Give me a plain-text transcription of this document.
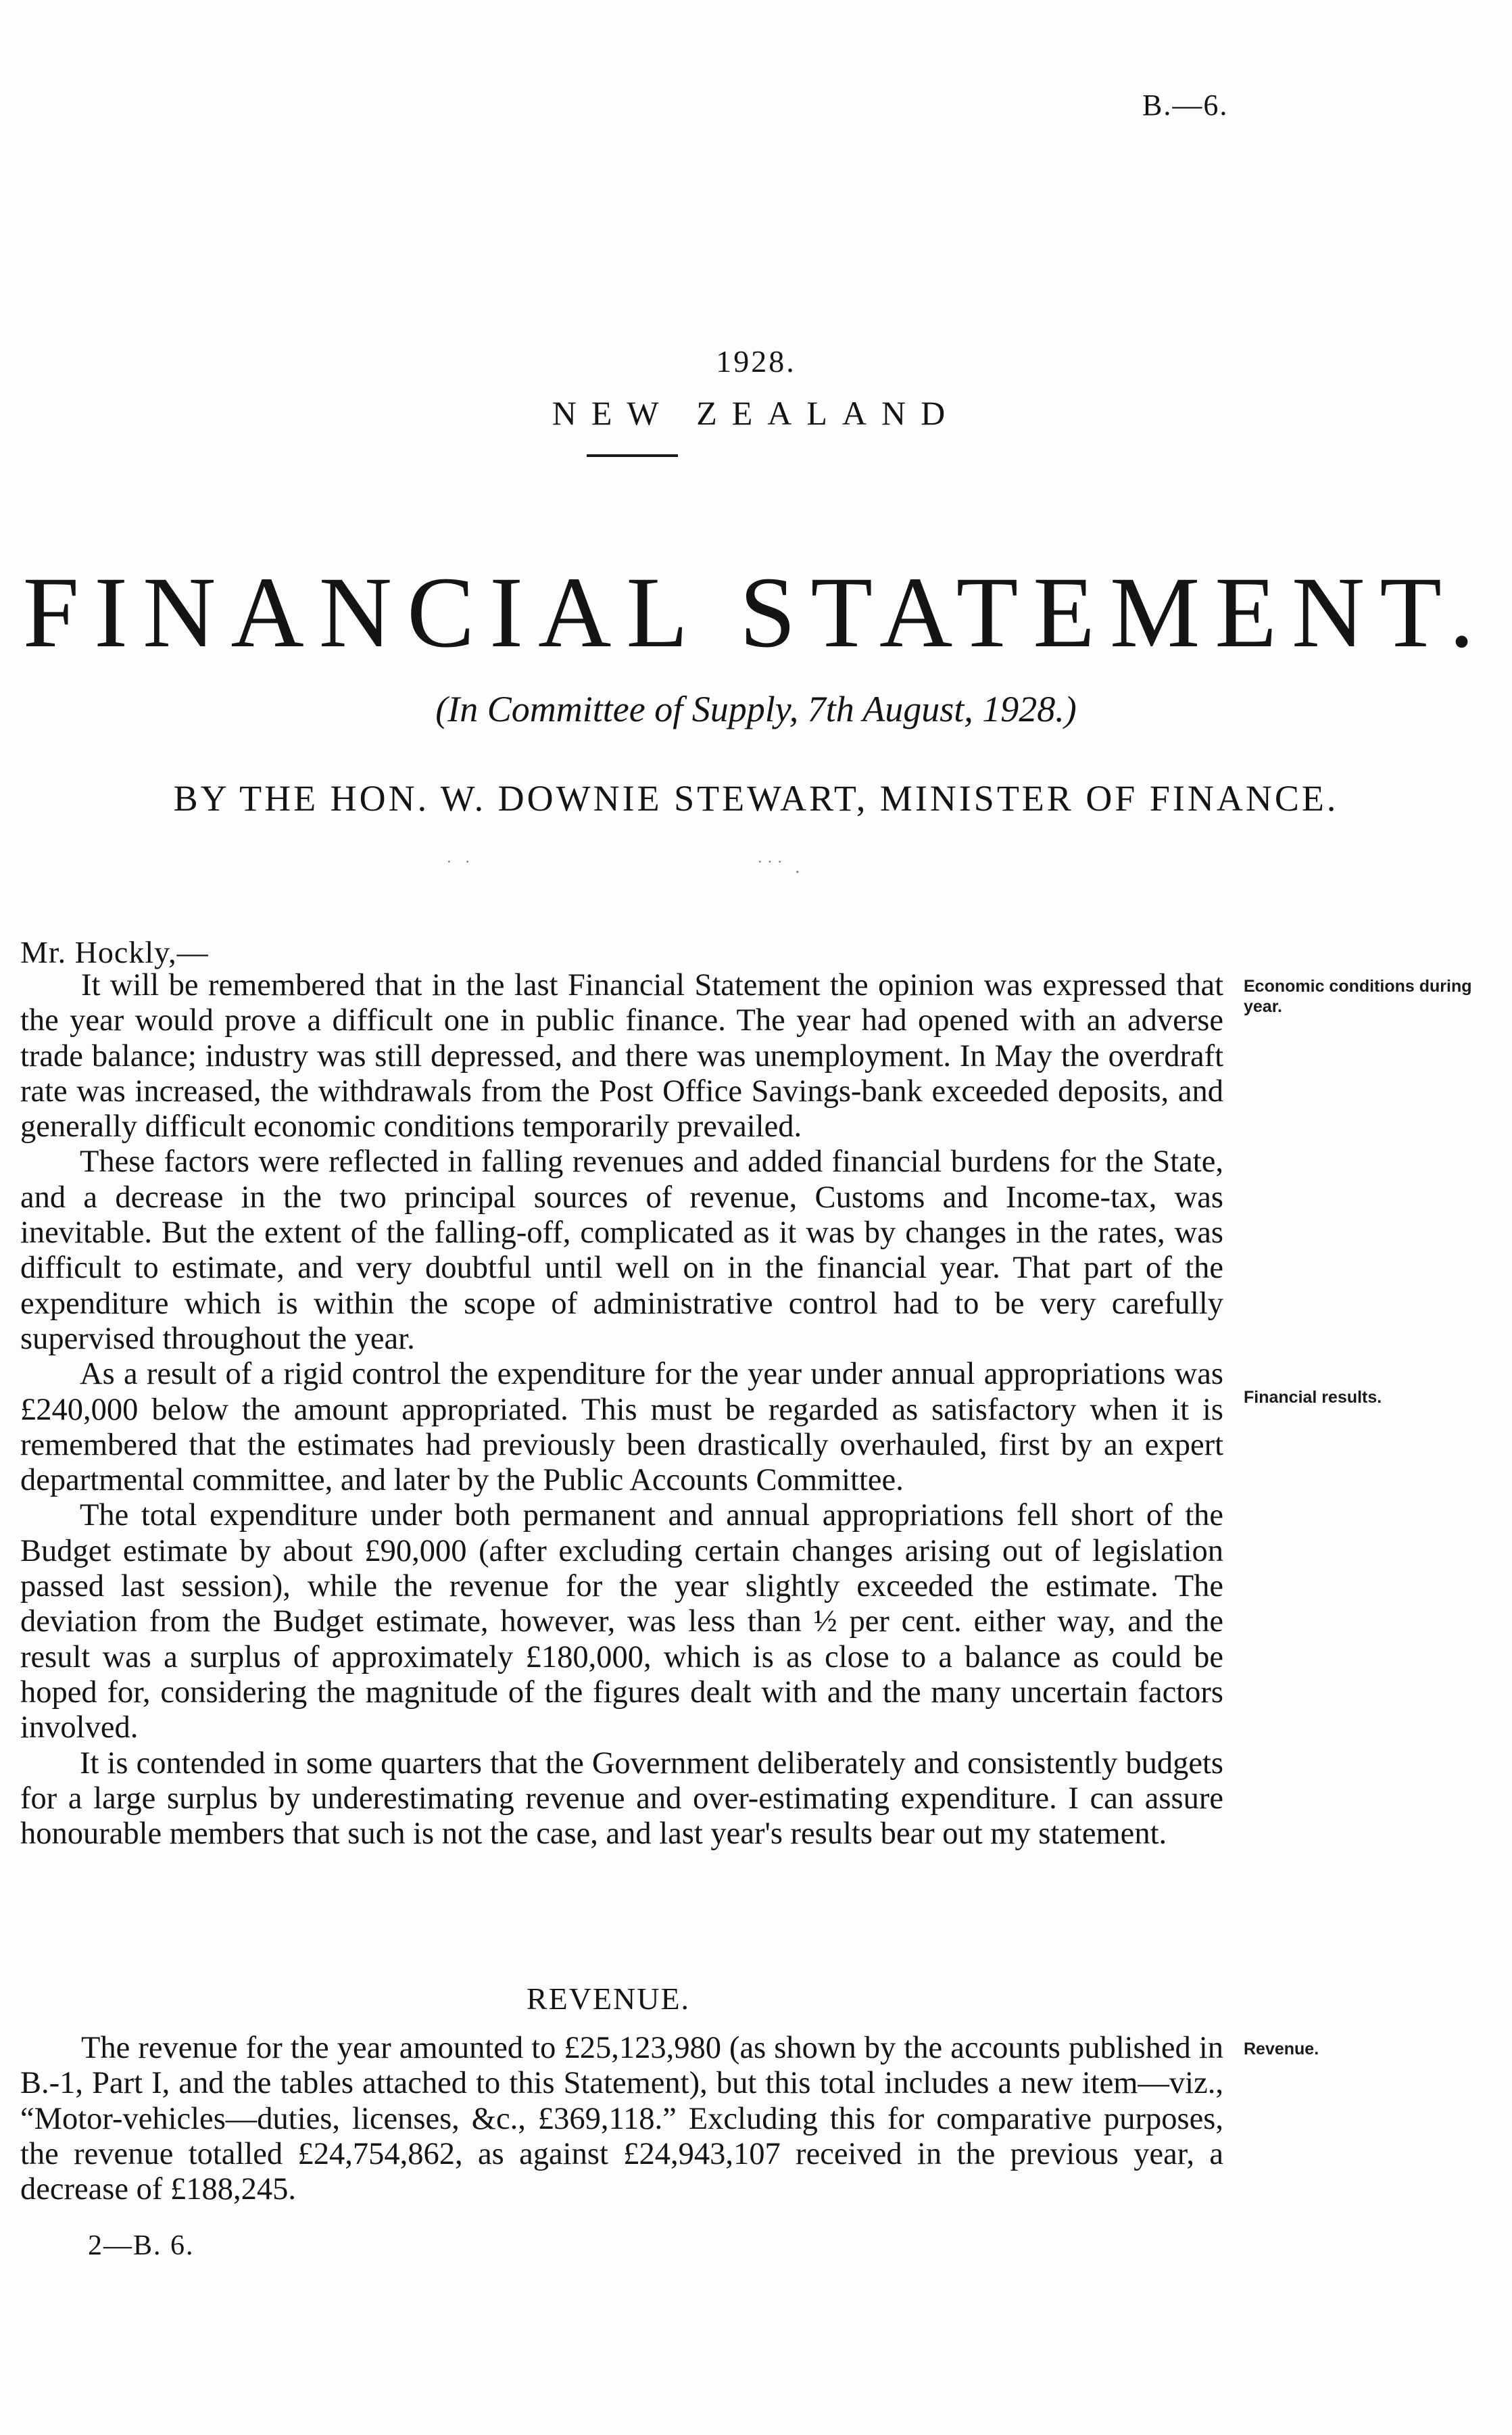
B.—6.
1928.
NEW ZEALAND
FINANCIAL STATEMENT.
(In Committee of Supply, 7th August, 1928.)
BY THE HON. W. DOWNIE STEWART, MINISTER OF FINANCE.
˙ ˙	˙˙˙ .
Mr. Hockly,—

It will be remembered that in the last Financial Statement the opinion was expressed that the year would prove a difficult one in public finance. The year had opened with an adverse trade balance; industry was still depressed, and there was unemployment. In May the overdraft rate was increased, the withdrawals from the Post Office Savings-bank exceeded deposits, and generally difficult economic conditions temporarily prevailed.

These factors were reflected in falling revenues and added financial burdens for the State, and a decrease in the two principal sources of revenue, Customs and Income-tax, was inevitable. But the extent of the falling-off, complicated as it was by changes in the rates, was difficult to estimate, and very doubtful until well on in the financial year. That part of the expenditure which is within the scope of administrative control had to be very carefully supervised throughout the year.

As a result of a rigid control the expenditure for the year under annual appropriations was £240,000 below the amount appropriated. This must be regarded as satisfactory when it is remembered that the estimates had previously been drastically overhauled, first by an expert departmental committee, and later by the Public Accounts Committee.

The total expenditure under both permanent and annual appropriations fell short of the Budget estimate by about £90,000 (after excluding certain changes arising out of legislation passed last session), while the revenue for the year slightly exceeded the estimate. The deviation from the Budget estimate, however, was less than ½ per cent. either way, and the result was a surplus of approximately £180,000, which is as close to a balance as could be hoped for, considering the magnitude of the figures dealt with and the many uncertain factors involved.

It is contended in some quarters that the Government deliberately and consistently budgets for a large surplus by underestimating revenue and over-estimating expenditure. I can assure honourable members that such is not the case, and last year's results bear out my statement.

Economic conditions during year.
Financial results.
REVENUE.

The revenue for the year amounted to £25,123,980 (as shown by the accounts published in B.-1, Part I, and the tables attached to this Statement), but this total includes a new item—viz., “Motor-vehicles—duties, licenses, &c., £369,118.” Excluding this for comparative purposes, the revenue totalled £24,754,862, as against £24,943,107 received in the previous year, a decrease of £188,245.

Revenue.
2—B. 6.
